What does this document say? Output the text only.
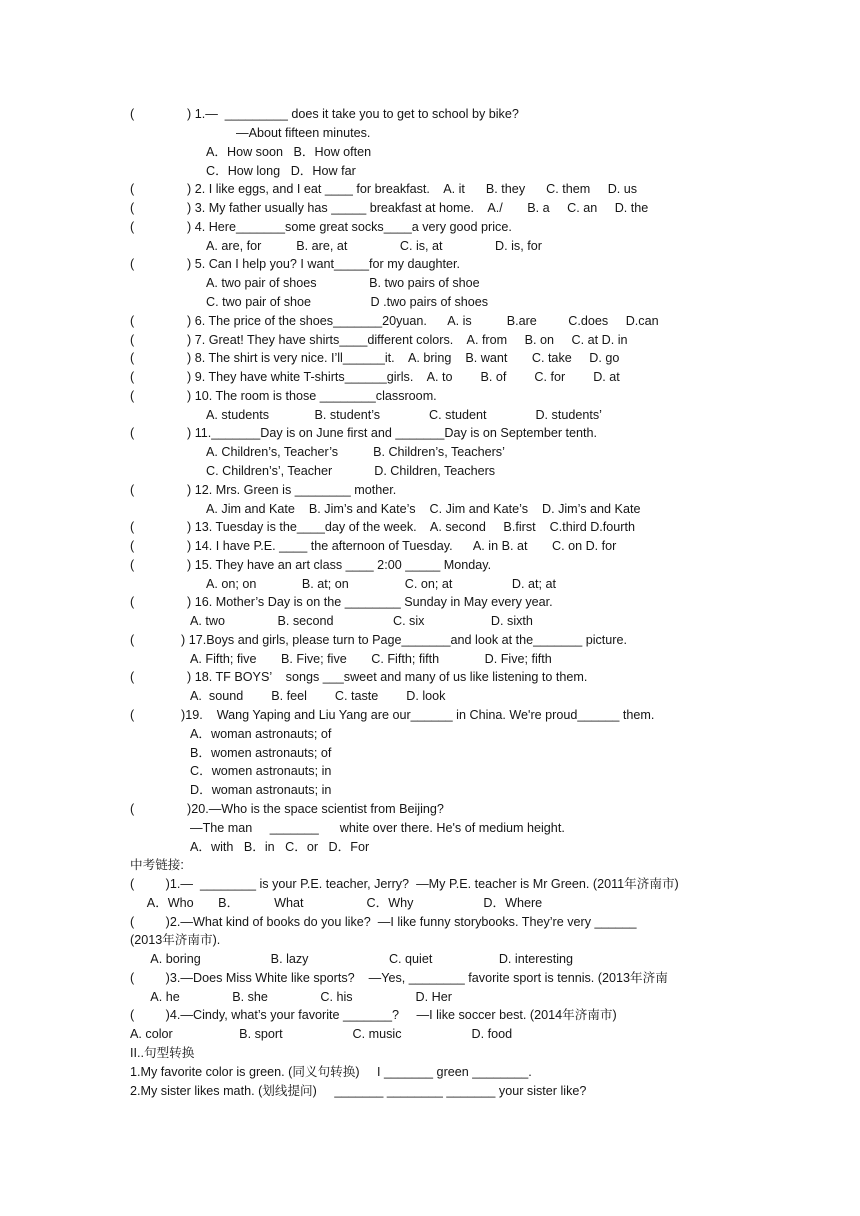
(	) 1.—  _________ does it take you to get to school by bike?
—About fifteen minutes.
A．How soon   B．How often
C．How long   D．How far
(	) 2. I like eggs, and I eat ____ for breakfast.    A. it      B. they      C. them     D. us
(	) 3. My father usually has _____ breakfast at home.    A./       B. a     C. an     D. the
(	) 4. Here_______some great socks____a very good price.
A. are, for          B. are, at               C. is, at               D. is, for
(	) 5. Can I help you? I want_____for my daughter.
A. two pair of shoes               B. two pairs of shoe
C. two pair of shoe                 D .two pairs of shoes
(	) 6. The price of the shoes_______20yuan.      A. is          B.are         C.does     D.can
(	) 7. Great! They have shirts____different colors.    A. from     B. on     C. at D. in
(	) 8. The shirt is very nice. I’ll______it.    A. bring    B. want       C. take     D. go
(	) 9. They have white T-shirts______girls.    A. to        B. of        C. for        D. at
(	) 10. The room is those ________classroom.
A. students             B. student’s              C. student              D. students’
(	) 11._______Day is on June first and _______Day is on September tenth.
A. Children’s, Teacher’s          B. Children’s, Teachers’
C. Children’s’, Teacher            D. Children, Teachers
(	) 12. Mrs. Green is ________ mother.
A. Jim and Kate    B. Jim’s and Kate’s    C. Jim and Kate’s    D. Jim’s and Kate
(	) 13. Tuesday is the____day of the week.    A. second     B.first    C.third D.fourth
(	) 14. I have P.E. ____ the afternoon of Tuesday.      A. in B. at       C. on D. for
(	) 15. They have an art class ____ 2:00 _____ Monday.
A. on; on             B. at; on                C. on; at                 D. at; at
(	) 16. Mother’s Day is on the ________ Sunday in May every year.
A. two               B. second                 C. six                   D. sixth
(	) 17.Boys and girls, please turn to Page_______and look at the_______ picture.
A. Fifth; five       B. Five; five       C. Fifth; fifth             D. Five; fifth
(	) 18. TF BOYS’    songs ___sweet and many of us like listening to them.
A.  sound        B. feel        C. taste        D. look
(	)19.    Wang Yaping and Liu Yang are our______ in China. We're proud______ them.
A．woman astronauts; of
B．women astronauts; of
C．women astronauts; in
D．woman astronauts; in
(	)20.—Who is the space scientist from Beijing?
—The man     _______      white over there. He's of medium height.
A．with   B．in   C．or   D．For
中考链接:
(         )1.—  ________ is your P.E. teacher, Jerry?  —My P.E. teacher is Mr Green. (2011年济南市)
A．Who       B．          What                  C．Why                    D．Where
(         )2.—What kind of books do you like?  —I like funny storybooks. They’re very ______
(2013年济南市).
A. boring                    B. lazy                       C. quiet                   D. interesting
(         )3.—Does Miss White like sports?    —Yes, ________ favorite sport is tennis. (2013年济南
A. he               B. she               C. his                  D. Her
(         )4.—Cindy, what’s your favorite _______?     —I like soccer best. (2014年济南市)
A. color                   B. sport                    C. music                    D. food
II..句型转换
1.My favorite color is green. (同义句转换)     I _______ green ________.
2.My sister likes math. (划线提问)     _______ ________ _______ your sister like?
